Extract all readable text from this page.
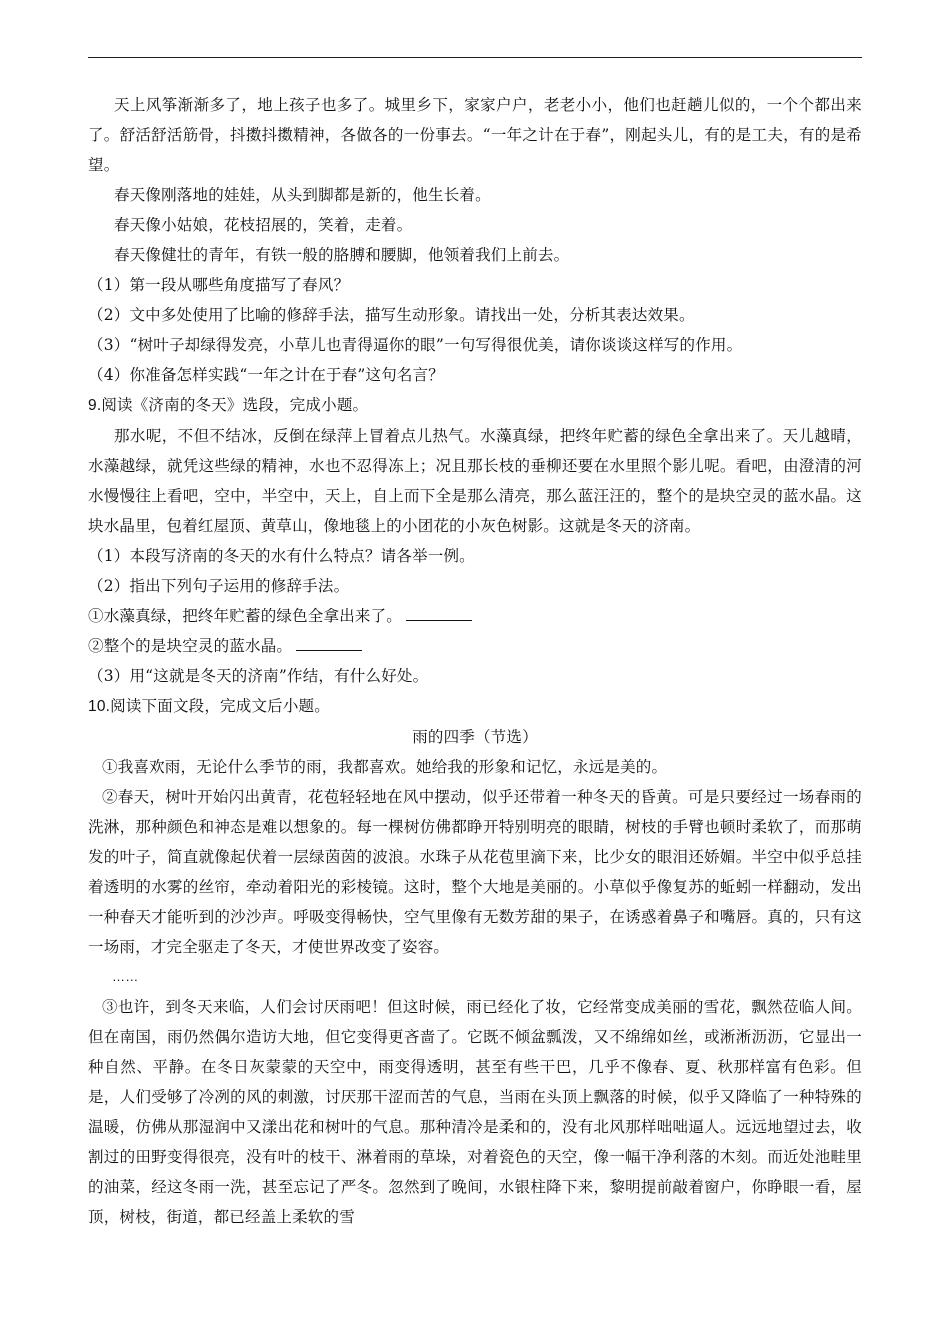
天上风筝渐渐多了，地上孩子也多了。城里乡下，家家户户，老老小小，他们也赶趟儿似的，一个个都出来了。舒活舒活筋骨，抖擞抖擞精神，各做各的一份事去。“一年之计在于春”，刚起头儿，有的是工夫，有的是希望。

春天像刚落地的娃娃，从头到脚都是新的，他生长着。

春天像小姑娘，花枝招展的，笑着，走着。

春天像健壮的青年，有铁一般的胳膊和腰脚，他领着我们上前去。

（1）第一段从哪些角度描写了春风？

（2）文中多处使用了比喻的修辞手法，描写生动形象。请找出一处，分析其表达效果。

（3）“树叶子却绿得发亮，小草儿也青得逼你的眼”一句写得很优美，请你谈谈这样写的作用。

（4）你准备怎样实践“一年之计在于春”这句名言？

9.阅读《济南的冬天》选段，完成小题。

那水呢，不但不结冰，反倒在绿萍上冒着点儿热气。水藻真绿，把终年贮蓄的绿色全拿出来了。天儿越晴，水藻越绿，就凭这些绿的精神，水也不忍得冻上；况且那长枝的垂柳还要在水里照个影儿呢。看吧，由澄清的河水慢慢往上看吧，空中，半空中，天上，自上而下全是那么清亮，那么蓝汪汪的，整个的是块空灵的蓝水晶。这块水晶里，包着红屋顶、黄草山，像地毯上的小团花的小灰色树影。这就是冬天的济南。

（1）本段写济南的冬天的水有什么特点？请各举一例。

（2）指出下列句子运用的修辞手法。

①水藻真绿，把终年贮蓄的绿色全拿出来了。

②整个的是块空灵的蓝水晶。

（3）用“这就是冬天的济南”作结，有什么好处。

10.阅读下面文段，完成文后小题。

雨的四季（节选）

①我喜欢雨，无论什么季节的雨，我都喜欢。她给我的形象和记忆，永远是美的。

②春天，树叶开始闪出黄青，花苞轻轻地在风中摆动，似乎还带着一种冬天的昏黄。可是只要经过一场春雨的洗淋，那种颜色和神态是难以想象的。每一棵树仿佛都睁开特别明亮的眼睛，树枝的手臂也顿时柔软了，而那萌发的叶子，简直就像起伏着一层绿茵茵的波浪。水珠子从花苞里滴下来，比少女的眼泪还娇媚。半空中似乎总挂着透明的水雾的丝帘，牵动着阳光的彩棱镜。这时，整个大地是美丽的。小草似乎像复苏的蚯蚓一样翻动，发出一种春天才能听到的沙沙声。呼吸变得畅快，空气里像有无数芳甜的果子，在诱惑着鼻子和嘴唇。真的，只有这一场雨，才完全驱走了冬天，才使世界改变了姿容。

……

③也许，到冬天来临，人们会讨厌雨吧！但这时候，雨已经化了妆，它经常变成美丽的雪花，飘然莅临人间。但在南国，雨仍然偶尔造访大地，但它变得更吝啬了。它既不倾盆瓢泼，又不绵绵如丝，或淅淅沥沥，它显出一种自然、平静。在冬日灰蒙蒙的天空中，雨变得透明，甚至有些干巴，几乎不像春、夏、秋那样富有色彩。但是，人们受够了冷冽的风的刺激，讨厌那干涩而苦的气息，当雨在头顶上飘落的时候，似乎又降临了一种特殊的温暖，仿佛从那湿润中又漾出花和树叶的气息。那种清冷是柔和的，没有北风那样咄咄逼人。远远地望过去，收割过的田野变得很亮，没有叶的枝干、淋着雨的草垛，对着瓷色的天空，像一幅干净利落的木刻。而近处池畦里的油菜，经这冬雨一洗，甚至忘记了严冬。忽然到了晚间，水银柱降下来，黎明提前敲着窗户，你睁眼一看，屋顶，树枝，街道，都已经盖上柔软的雪
